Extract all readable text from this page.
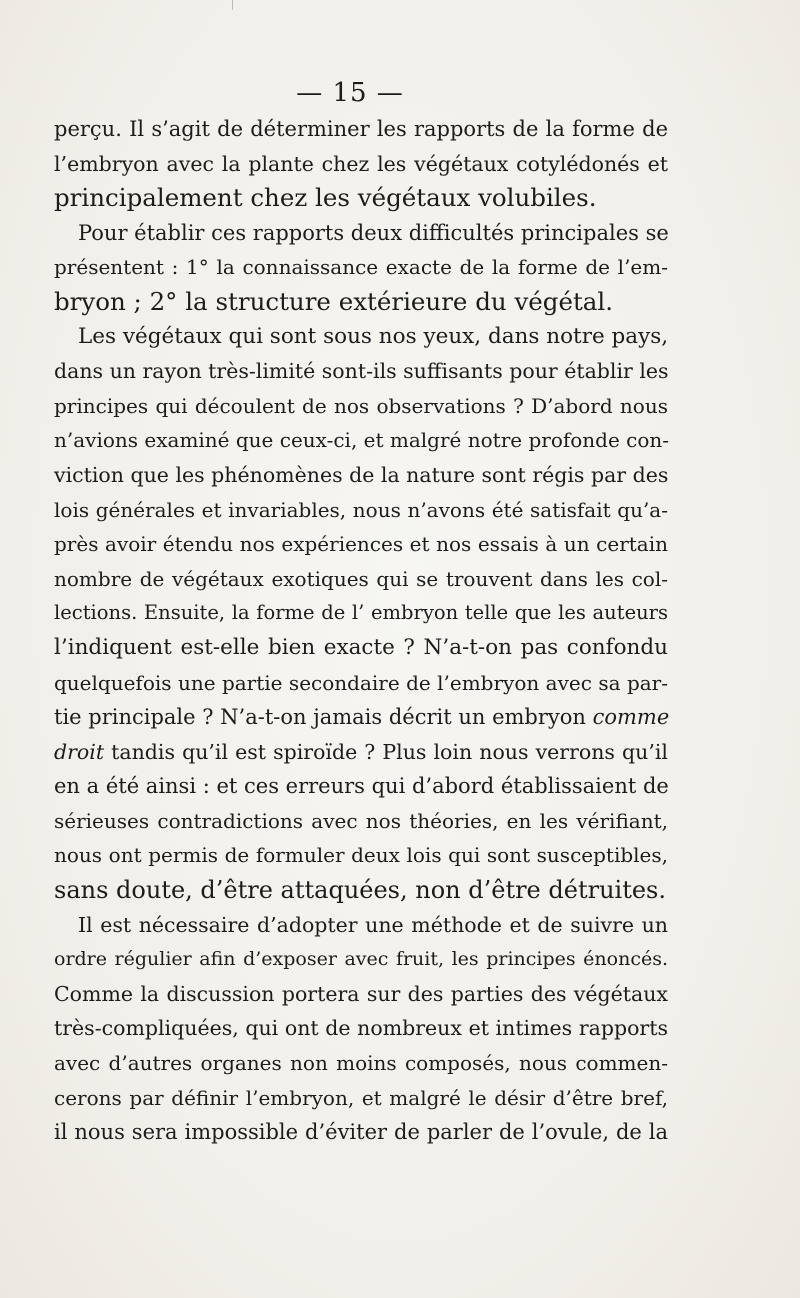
— 15 —
perçu. Il s’agit de déterminer les rapports de la forme de
l’embryon avec la plante chez les végétaux cotylédonés et
principalement chez les végétaux volubiles.
Pour établir ces rapports deux difficultés principales se
présentent : 1° la connaissance exacte de la forme de l’em-
bryon ; 2° la structure extérieure du végétal.
Les végétaux qui sont sous nos yeux, dans notre pays,
dans un rayon très-limité sont-ils suffisants pour établir les
principes qui découlent de nos observations ? D’abord nous
n’avions examiné que ceux-ci, et malgré notre profonde con-
viction que les phénomènes de la nature sont régis par des
lois générales et invariables, nous n’avons été satisfait qu’a-
près avoir étendu nos expériences et nos essais à un certain
nombre de végétaux exotiques qui se trouvent dans les col-
lections. Ensuite, la forme de l’ embryon telle que les auteurs
l’indiquent est-elle bien exacte ? N’a-t-on pas confondu
quelquefois une partie secondaire de l’embryon avec sa par-
tie principale ? N’a-t-on jamais décrit un embryon comme
droit tandis qu’il est spiroïde ? Plus loin nous verrons qu’il
en a été ainsi : et ces erreurs qui d’abord établissaient de
sérieuses contradictions avec nos théories, en les vérifiant,
nous ont permis de formuler deux lois qui sont susceptibles,
sans doute, d’être attaquées, non d’être détruites.
Il est nécessaire d’adopter une méthode et de suivre un
ordre régulier afin d’exposer avec fruit, les principes énoncés.
Comme la discussion portera sur des parties des végétaux
très-compliquées, qui ont de nombreux et intimes rapports
avec d’autres organes non moins composés, nous commen-
cerons par définir l’embryon, et malgré le désir d’être bref,
il nous sera impossible d’éviter de parler de l’ovule, de la
